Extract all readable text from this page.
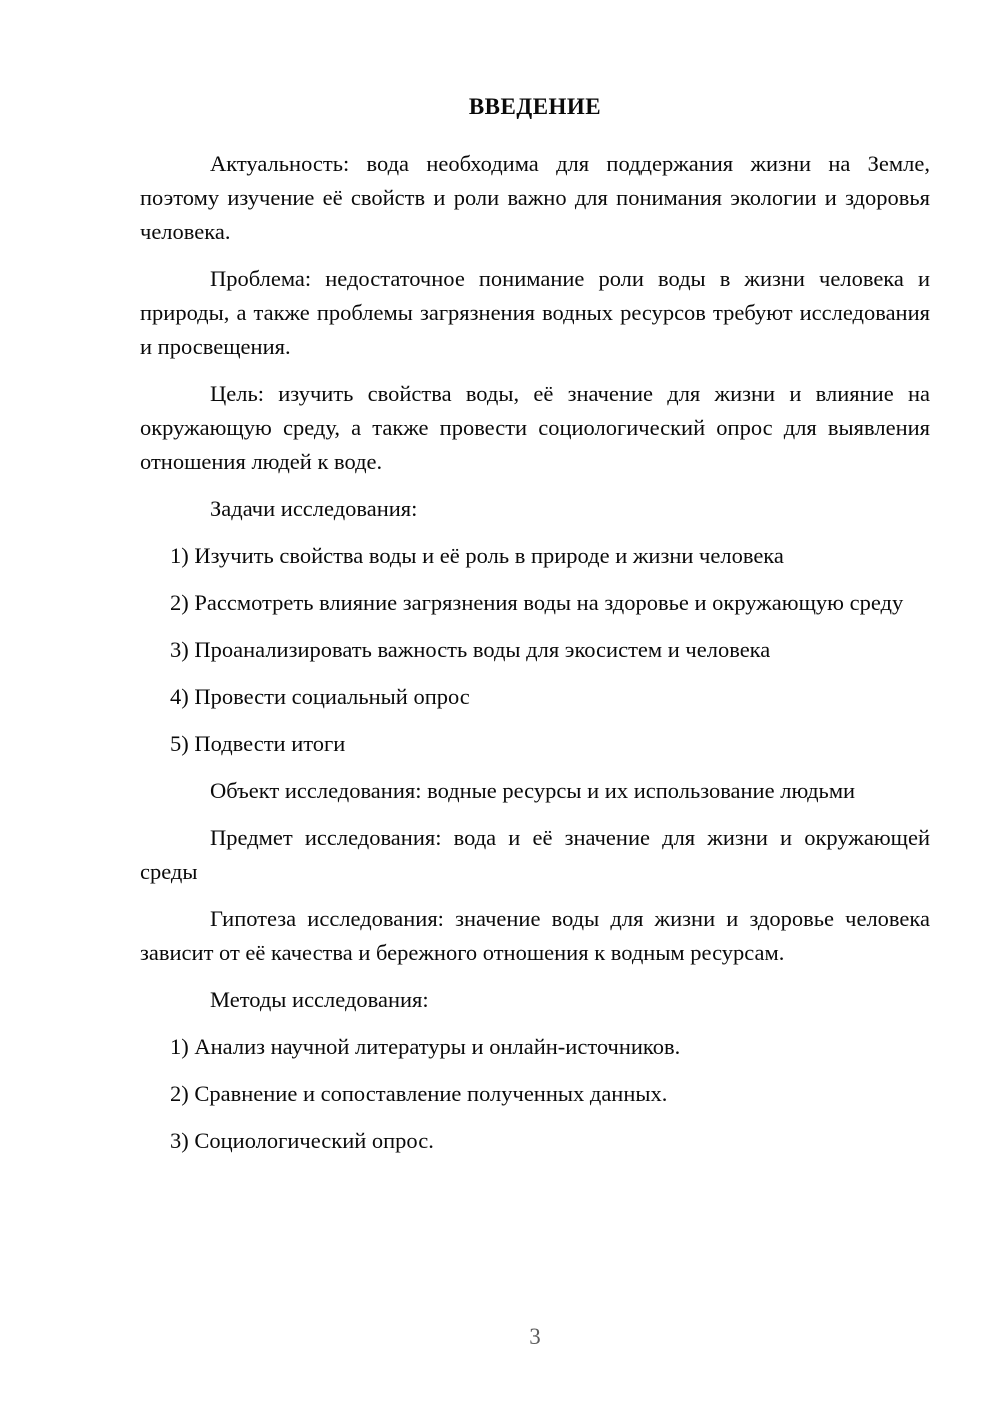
ВВЕДЕНИЕ

Актуальность: вода необходима для поддержания жизни на Земле, поэтому изучение её свойств и роли важно для понимания экологии и здоровья человека.

Проблема: недостаточное понимание роли воды в жизни человека и природы, а также проблемы загрязнения водных ресурсов требуют исследования и просвещения.

Цель: изучить свойства воды, её значение для жизни и влияние на окружающую среду, а также провести социологический опрос для выявления отношения людей к воде.

Задачи исследования:

1) Изучить свойства воды и её роль в природе и жизни человека

2) Рассмотреть влияние загрязнения воды на здоровье и окружающую среду

3) Проанализировать важность воды для экосистем и человека

4) Провести социальный опрос

5) Подвести итоги

Объект исследования: водные ресурсы и их использование людьми

Предмет исследования: вода и её значение для жизни и окружающей среды

Гипотеза исследования: значение воды для жизни и здоровье человека зависит от её качества и бережного отношения к водным ресурсам.

Методы исследования:

1) Анализ научной литературы и онлайн-источников.

2) Сравнение и сопоставление полученных данных.

3) Социологический опрос.

3
